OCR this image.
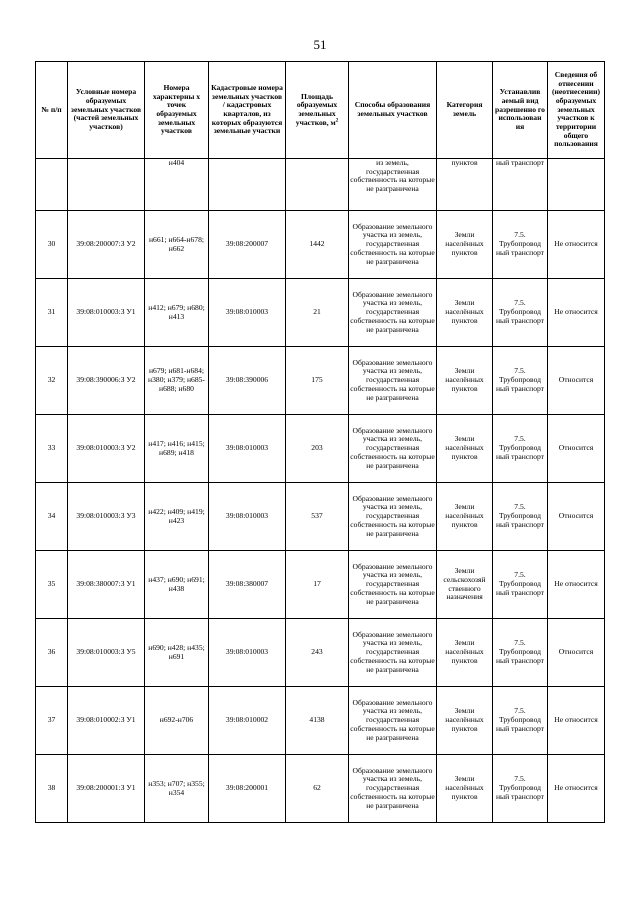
51
№ п/п	Условные номера образуемых земельных участков (частей земельных участков)	Номера характерны х точек образуемых земельных участков	Кадастровые номера земельных участков / кадастровых кварталов, из которых образуются земельные участки	Площадь образуемых земельных участков, $м^2$	Способы образования земельных участков	Категория земель	Устанавлив аемый вид разрешенно го использован ия	Сведения об отнесении (неотнесении) образуемых земельных участков к территории общего пользования
		н404			из земель, государственная собственность на которые не разграничена	пунктов	ный транспорт	
30	39:08:200007:З У2	н661; н664-н678; н662	39:08:200007	1442	Образование земельного участка из земель, государственная собственность на которые не разграничена	Земли населённых пунктов	7.5. Трубопровод ный транспорт	Не относится
31	39:08:010003:З У1	н412; н679; н680; н413	39:08:010003	21	Образование земельного участка из земель, государственная собственность на которые не разграничена	Земли населённых пунктов	7.5. Трубопровод ный транспорт	Не относится
32	39:08:390006:З У2	н679; н681-н684; н380; н379; н685-н688; н680	39:08:390006	175	Образование земельного участка из земель, государственная собственность на которые не разграничена	Земли населённых пунктов	7.5. Трубопровод ный транспорт	Относится
33	39:08:010003:З У2	н417; н416; н415; н689; н418	39:08:010003	203	Образование земельного участка из земель, государственная собственность на которые не разграничена	Земли населённых пунктов	7.5. Трубопровод ный транспорт	Относится
34	39:08:010003:З У3	н422; н409; н419; н423	39:08:010003	537	Образование земельного участка из земель, государственная собственность на которые не разграничена	Земли населённых пунктов	7.5. Трубопровод ный транспорт	Относится
35	39:08:380007:З У1	н437; н690; н691; н438	39:08:380007	17	Образование земельного участка из земель, государственная собственность на которые не разграничена	Земли сельскохозяй ственного назначения	7.5. Трубопровод ный транспорт	Не относится
36	39:08:010003:З У5	н690; н428; н435; н691	39:08:010003	243	Образование земельного участка из земель, государственная собственность на которые не разграничена	Земли населённых пунктов	7.5. Трубопровод ный транспорт	Относится
37	39:08:010002:З У1	н692-н706	39:08:010002	4138	Образование земельного участка из земель, государственная собственность на которые не разграничена	Земли населённых пунктов	7.5. Трубопровод ный транспорт	Не относится
38	39:08:200001:З У1	н353; н707; н355; н354	39:08:200001	62	Образование земельного участка из земель, государственная собственность на которые не разграничена	Земли населённых пунктов	7.5. Трубопровод ный транспорт	Не относится
